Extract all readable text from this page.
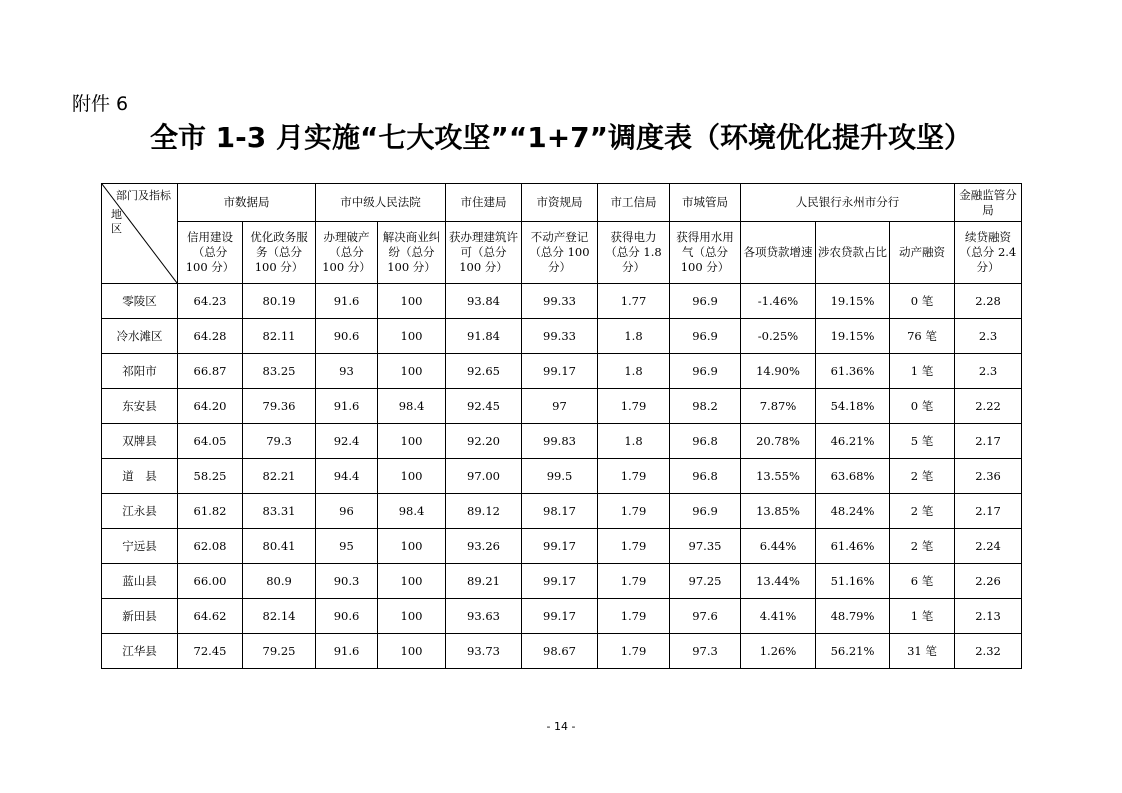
附件 6
全市 1-3 月实施“七大攻坚”“1+7”调度表（环境优化提升攻坚）
部门及指标
地区	市数据局		市中级人民法院		市住建局	市资规局	市工信局	市城管局	人民银行永州市分行			金融监管分局
	信用建设（总分 100 分）	优化政务服务（总分 100 分）	办理破产（总分 100 分）	解决商业纠纷（总分 100 分）	获办理建筑许可（总分 100 分）	不动产登记（总分 100 分）	获得电力（总分 1.8 分）	获得用水用气（总分 100 分）	各项贷款增速	涉农贷款占比	动产融资	续贷融资（总分 2.4 分）
零陵区	64.23	80.19	91.6	100	93.84	99.33	1.77	96.9	-1.46%	19.15%	0 笔	2.28
冷水滩区	64.28	82.11	90.6	100	91.84	99.33	1.8	96.9	-0.25%	19.15%	76 笔	2.3
祁阳市	66.87	83.25	93	100	92.65	99.17	1.8	96.9	14.90%	61.36%	1 笔	2.3
东安县	64.20	79.36	91.6	98.4	92.45	97	1.79	98.2	7.87%	54.18%	0 笔	2.22
双牌县	64.05	79.3	92.4	100	92.20	99.83	1.8	96.8	20.78%	46.21%	5 笔	2.17
道　县	58.25	82.21	94.4	100	97.00	99.5	1.79	96.8	13.55%	63.68%	2 笔	2.36
江永县	61.82	83.31	96	98.4	89.12	98.17	1.79	96.9	13.85%	48.24%	2 笔	2.17
宁远县	62.08	80.41	95	100	93.26	99.17	1.79	97.35	6.44%	61.46%	2 笔	2.24
蓝山县	66.00	80.9	90.3	100	89.21	99.17	1.79	97.25	13.44%	51.16%	6 笔	2.26
新田县	64.62	82.14	90.6	100	93.63	99.17	1.79	97.6	4.41%	48.79%	1 笔	2.13
江华县	72.45	79.25	91.6	100	93.73	98.67	1.79	97.3	1.26%	56.21%	31 笔	2.32
- 14 -
